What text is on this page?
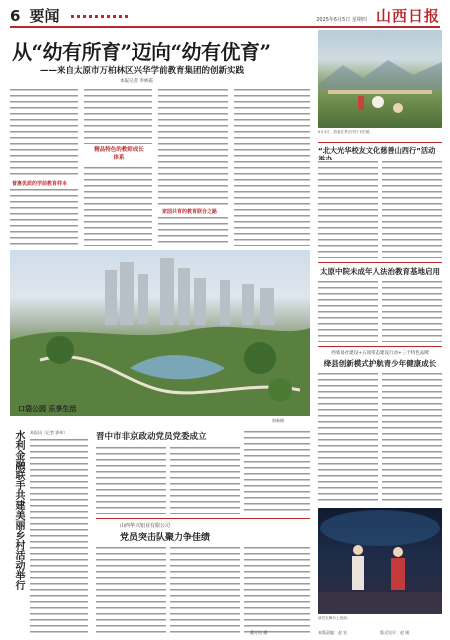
6 要闻	2025年6月5日 星期四 山西日报
从“幼有所育”迈向“幼有优育”
——来自太原市万柏林区兴华学前教育集团的创新实践
本报记者 李林霞
普惠优质的学前教育样本
精品特色的教师成长体系
家园共育的教育联合之路
6月3日，游客在景区内打卡拍照。
“北大光华校友文化慈善山西行”活动
太原中院未成年人法治教育基地启用
西郊易社建设+五项常态建设行动+三个特色品牌
绛县创新模式护航青少年健康成长
口袋公园 乐享生活
郭新摄
水利金融联手共建美丽乡村活动举行 本报讯（记者 郭伟）	晋中市非京政动党员党委成立
山西华兴铝业有限公司
党员突击队聚力争佳绩
演员在舞台上表演。
董方贝 摄	本版责编：赵 宏	版式设计：赵 媛
